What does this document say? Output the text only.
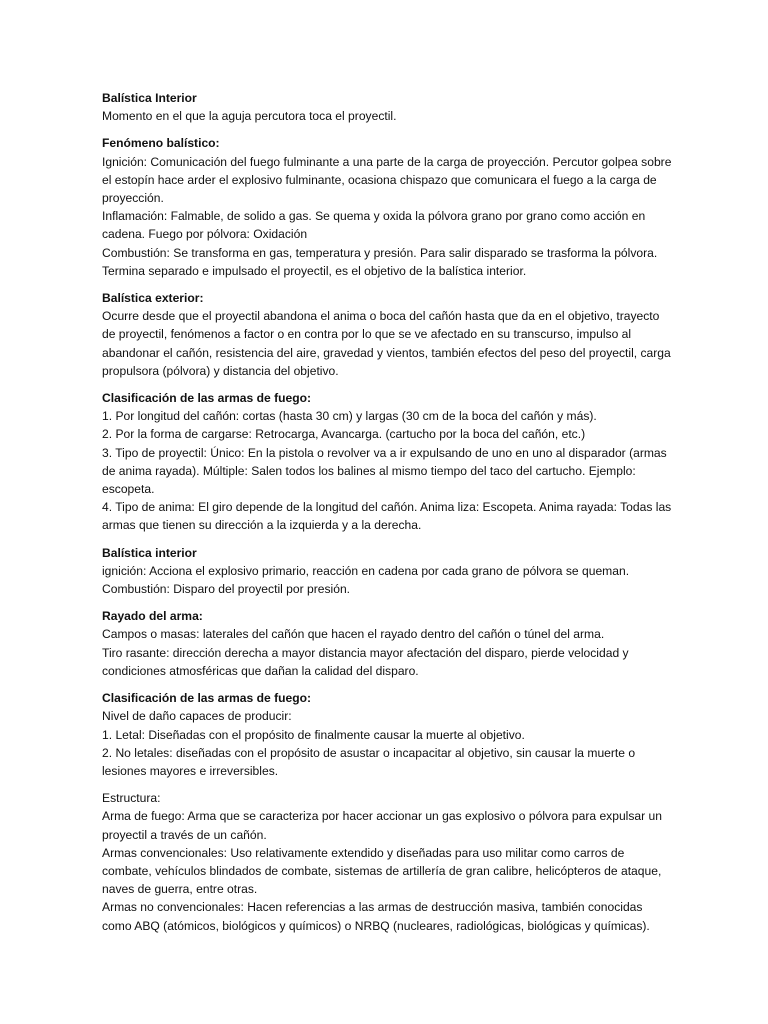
Balística Interior
Momento en el que la aguja percutora toca el proyectil.
Fenómeno balístico:
Ignición: Comunicación del fuego fulminante a una parte de la carga de proyección. Percutor golpea sobre el estopín hace arder el explosivo fulminante, ocasiona chispazo que comunicara el fuego a la carga de proyección.
Inflamación: Falmable, de solido a gas. Se quema y oxida la pólvora grano por grano como acción en cadena. Fuego por pólvora: Oxidación
Combustión: Se transforma en gas, temperatura y presión. Para salir disparado se trasforma la pólvora. Termina separado e impulsado el proyectil, es el objetivo de la balística interior.
Balística exterior:
Ocurre desde que el proyectil abandona el anima o boca del cañón hasta que da en el objetivo, trayecto de proyectil, fenómenos a factor o en contra por lo que se ve afectado en su transcurso, impulso al abandonar el cañón, resistencia del aire, gravedad y vientos, también efectos del peso del proyectil, carga propulsora (pólvora) y distancia del objetivo.
Clasificación de las armas de fuego:
1. Por longitud del cañón: cortas (hasta 30 cm) y largas (30 cm de la boca del cañón y más).
2. Por la forma de cargarse: Retrocarga, Avancarga. (cartucho por la boca del cañón, etc.)
3. Tipo de proyectil: Único: En la pistola o revolver va a ir expulsando de uno en uno al disparador (armas de anima rayada). Múltiple: Salen todos los balines al mismo tiempo del taco del cartucho. Ejemplo: escopeta.
4. Tipo de anima: El giro depende de la longitud del cañón. Anima liza: Escopeta. Anima rayada: Todas las armas que tienen su dirección a la izquierda y a la derecha.
Balística interior
ignición: Acciona el explosivo primario, reacción en cadena por cada grano de pólvora se queman.
Combustión: Disparo del proyectil por presión.
Rayado del arma:
Campos o masas: laterales del cañón que hacen el rayado dentro del cañón o túnel del arma.
Tiro rasante: dirección derecha a mayor distancia mayor afectación del disparo, pierde velocidad y condiciones atmosféricas que dañan la calidad del disparo.
Clasificación de las armas de fuego:
Nivel de daño capaces de producir:
1. Letal: Diseñadas con el propósito de finalmente causar la muerte al objetivo.
2. No letales: diseñadas con el propósito de asustar o incapacitar al objetivo, sin causar la muerte o lesiones mayores e irreversibles.
Estructura:
Arma de fuego: Arma que se caracteriza por hacer accionar un gas explosivo o pólvora para expulsar un proyectil a través de un cañón.
Armas convencionales: Uso relativamente extendido y diseñadas para uso militar como carros de combate, vehículos blindados de combate, sistemas de artillería de gran calibre, helicópteros de ataque, naves de guerra, entre otras.
Armas no convencionales: Hacen referencias a las armas de destrucción masiva, también conocidas como ABQ (atómicos, biológicos y químicos) o NRBQ (nucleares, radiológicas, biológicas y químicas).
